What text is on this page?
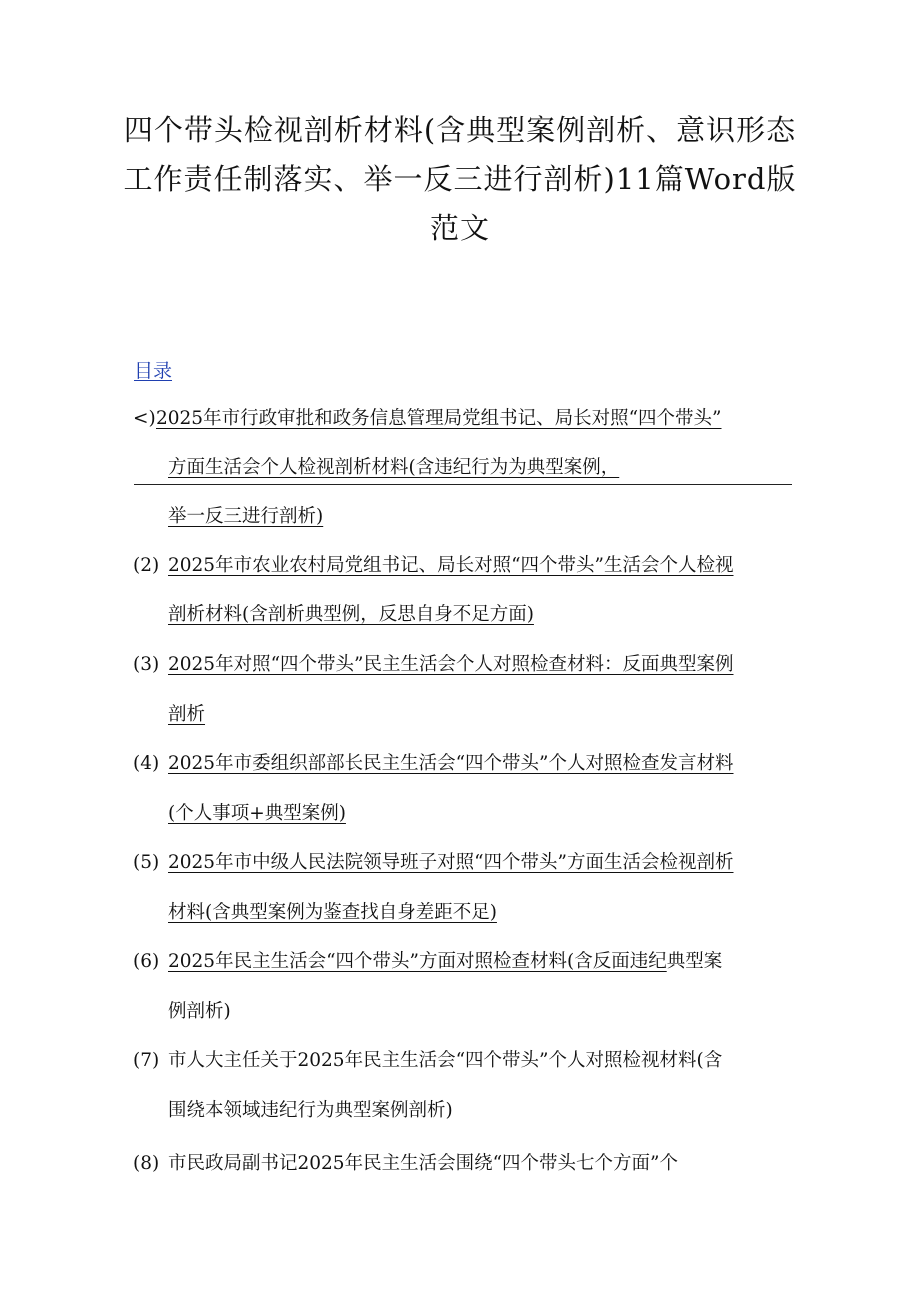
四个带头检视剖析材料(含典型案例剖析、意识形态
工作责任制落实、举一反三进行剖析)11篇Word版
范文
目录
<) 2025年市行政审批和政务信息管理局党组书记、局长对照“四个带头”
方面生活会个人检视剖析材料(含违纪行为为典型案例，
举一反三进行剖析)
(2) 2025年市农业农村局党组书记、局长对照“四个带头”生活会个人检视
剖析材料(含剖析典型例，反思自身不足方面)
(3) 2025年对照“四个带头”民主生活会个人对照检查材料：反面典型案例
剖析
(4) 2025年市委组织部部长民主生活会“四个带头”个人对照检查发言材料
(个人事项+典型案例)
(5) 2025年市中级人民法院领导班子对照“四个带头”方面生活会检视剖析
材料(含典型案例为鉴查找自身差距不足)
(6) 2025年民主生活会“四个带头”方面对照检查材料(含反面违纪典型案
例剖析)
(7) 市人大主任关于2025年民主生活会“四个带头”个人对照检视材料(含
围绕本领域违纪行为典型案例剖析)
(8) 市民政局副书记2025年民主生活会围绕“四个带头七个方面”个
